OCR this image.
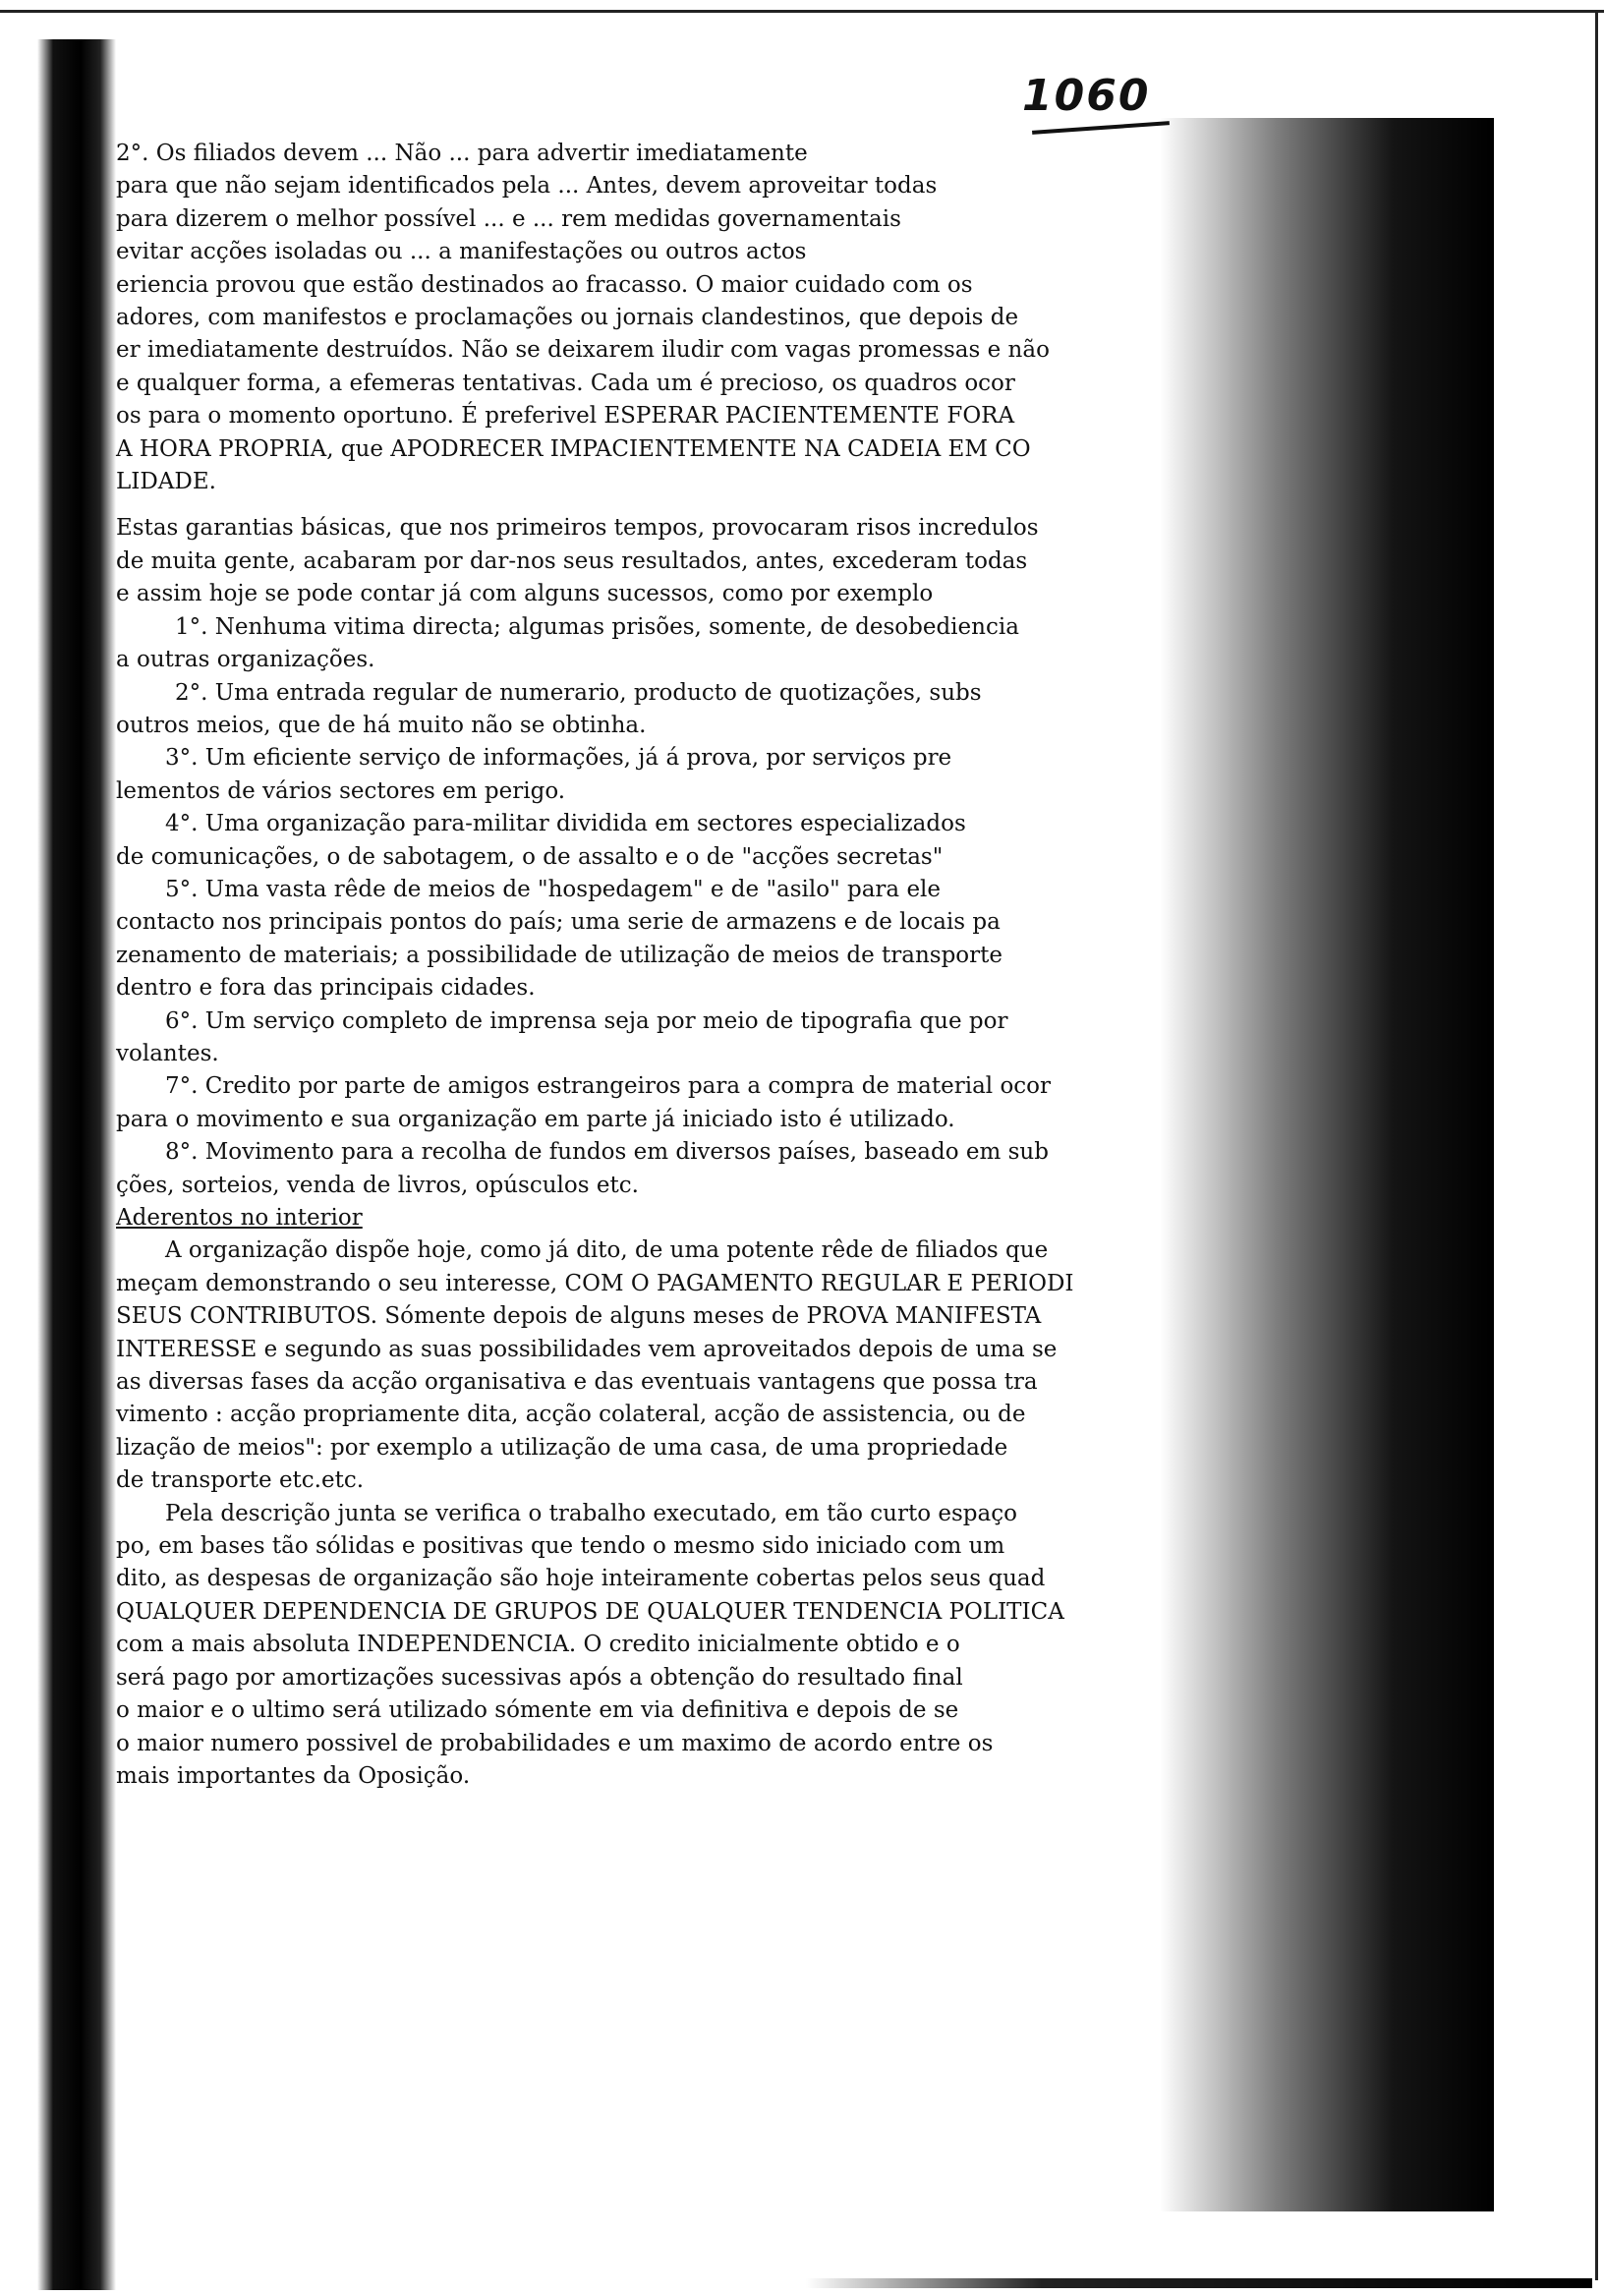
1060

2°. Os filiados devem ... Não ... para advertir imediatamente

para que não sejam identificados pela ... Antes, devem aproveitar todas

para dizerem o melhor possível ... e ... rem medidas governamentais

evitar acções isoladas ou ... a manifestações ou outros actos

eriencia provou que estão destinados ao fracasso. O maior cuidado com os

adores, com manifestos e proclamações ou jornais clandestinos, que depois de

er imediatamente destruídos. Não se deixarem iludir com vagas promessas e não

e qualquer forma, a efemeras tentativas. Cada um é precioso, os quadros ocor

os para o momento oportuno. É preferivel ESPERAR PACIENTEMENTE FORA

A HORA PROPRIA, que APODRECER IMPACIENTEMENTE NA CADEIA EM CO

LIDADE.

Estas garantias básicas, que nos primeiros tempos, provocaram risos incredulos

de muita gente, acabaram por dar-nos seus resultados, antes, excederam todas

e assim hoje se pode contar já com alguns sucessos, como por exemplo

1°. Nenhuma vitima directa; algumas prisões, somente, de desobediencia

a outras organizações.

2°. Uma entrada regular de numerario, producto de quotizações, subs

outros meios, que de há muito não se obtinha.

3°. Um eficiente serviço de informações, já á prova, por serviços pre

lementos de vários sectores em perigo.

4°. Uma organização para-militar dividida em sectores especializados

de comunicações, o de sabotagem, o de assalto e o de "acções secretas"

5°. Uma vasta rêde de meios de "hospedagem" e de "asilo" para ele

contacto nos principais pontos do país; uma serie de armazens e de locais pa

zenamento de materiais; a possibilidade de utilização de meios de transporte

dentro e fora das principais cidades.

6°. Um serviço completo de imprensa seja por meio de tipografia que por

volantes.

7°. Credito por parte de amigos estrangeiros para a compra de material ocor

para o movimento e sua organização em parte já iniciado isto é utilizado.

8°. Movimento para a recolha de fundos em diversos países, baseado em sub

ções, sorteios, venda de livros, opúsculos etc.

Aderentos no interior

A organização dispõe hoje, como já dito, de uma potente rêde de filiados que

meçam demonstrando o seu interesse, COM O PAGAMENTO REGULAR E PERIODI

SEUS CONTRIBUTOS. Sómente depois de alguns meses de PROVA MANIFESTA

INTERESSE e segundo as suas possibilidades vem aproveitados depois de uma se

as diversas fases da acção organisativa e das eventuais vantagens que possa tra

vimento : acção propriamente dita, acção colateral, acção de assistencia, ou de

lização de meios": por exemplo a utilização de uma casa, de uma propriedade

de transporte etc.etc.

Pela descrição junta se verifica o trabalho executado, em tão curto espaço

po, em bases tão sólidas e positivas que tendo o mesmo sido iniciado com um

dito, as despesas de organização são hoje inteiramente cobertas pelos seus quad

QUALQUER DEPENDENCIA DE GRUPOS DE QUALQUER TENDENCIA POLITICA

com a mais absoluta INDEPENDENCIA. O credito inicialmente obtido e o

será pago por amortizações sucessivas após a obtenção do resultado final

o maior e o ultimo será utilizado sómente em via definitiva e depois de se

o maior numero possivel de probabilidades e um maximo de acordo entre os

mais importantes da Oposição.
